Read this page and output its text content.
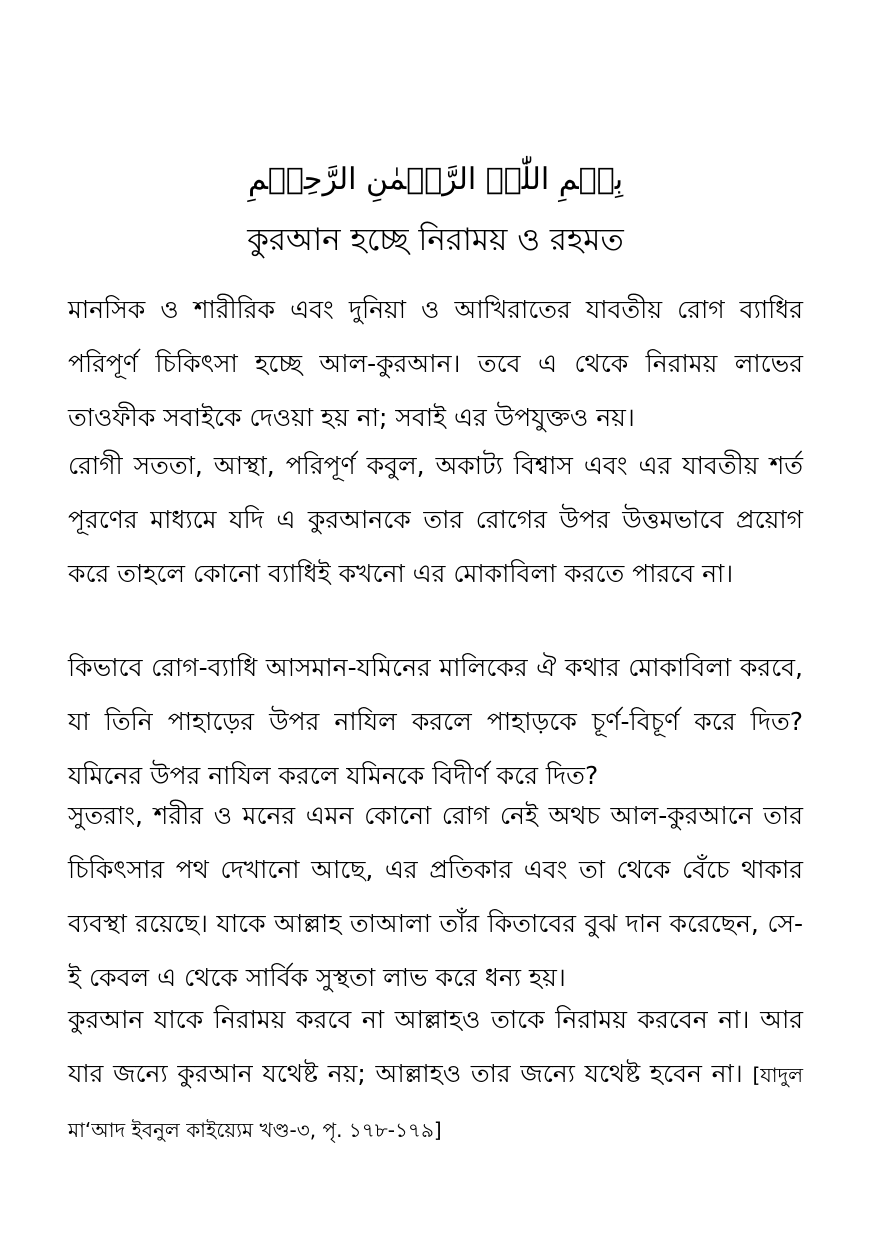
بِسۡمِ اللّٰہِ الرَّحۡمٰنِ الرَّحِیۡمِ
কুরআন হচ্ছে নিরাময় ও রহমত

মানসিক ও শারীরিক এবং দুনিয়া ও আখিরাতের যাবতীয় রোগ ব্যাধির পরিপূর্ণ চিকিৎসা হচ্ছে আল-কুরআন। তবে এ থেকে নিরাময় লাভের তাওফীক সবাইকে দেওয়া হয় না; সবাই এর উপযুক্তও নয়।

রোগী সততা, আস্থা, পরিপূর্ণ কবুল, অকাট্য বিশ্বাস এবং এর যাবতীয় শর্ত পূরণের মাধ্যমে যদি এ কুরআনকে তার রোগের উপর উত্তমভাবে প্রয়োগ করে তাহলে কোনো ব্যাধিই কখনো এর মোকাবিলা করতে পারবে না।

কিভাবে রোগ-ব্যাধি আসমান-যমিনের মালিকের ঐ কথার মোকাবিলা করবে, যা তিনি পাহাড়ের উপর নাযিল করলে পাহাড়কে চূর্ণ-বিচূর্ণ করে দিত? যমিনের উপর নাযিল করলে যমিনকে বিদীর্ণ করে দিত?

সুতরাং, শরীর ও মনের এমন কোনো রোগ নেই অথচ আল-কুরআনে তার চিকিৎসার পথ দেখানো আছে, এর প্রতিকার এবং তা থেকে বেঁচে থাকার ব্যবস্থা রয়েছে। যাকে আল্লাহ তাআলা তাঁর কিতাবের বুঝ দান করেছেন, সে-ই কেবল এ থেকে সার্বিক সুস্থতা লাভ করে ধন্য হয়।

কুরআন যাকে নিরাময় করবে না আল্লাহও তাকে নিরাময় করবেন না। আর যার জন্যে কুরআন যথেষ্ট নয়; আল্লাহও তার জন্যে যথেষ্ট হবেন না। [যাদুল মা‘আদ ইবনুল কাইয়্যেম খণ্ড-৩, পৃ. ১৭৮-১৭৯]
